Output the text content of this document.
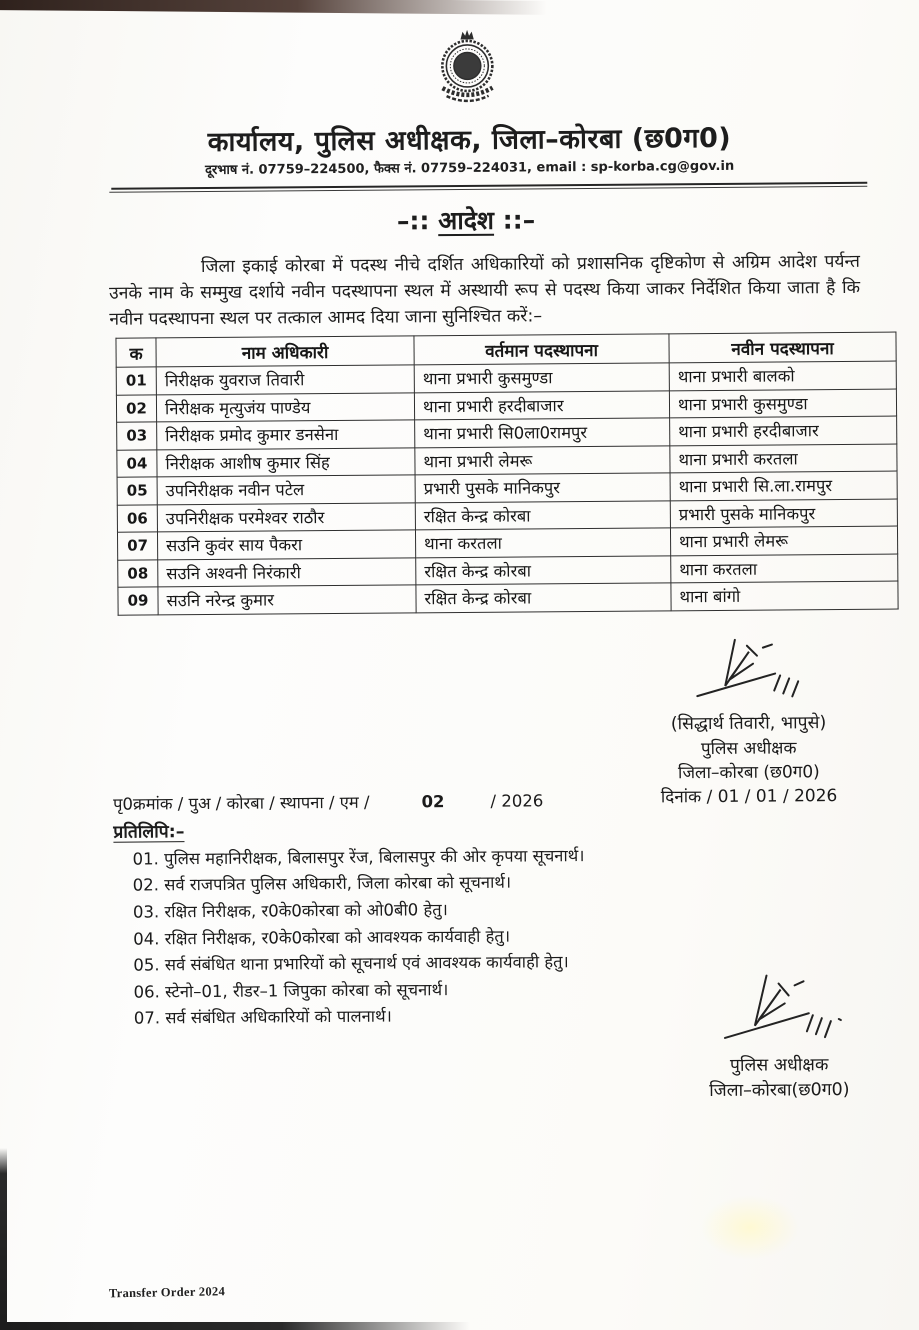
कार्यालय, पुलिस अधीक्षक, जिला–कोरबा (छ0ग0)
दूरभाष नं. 07759–224500, फैक्स नं. 07759–224031, email : sp-korba.cg@gov.in
–:: आदेश ::–

जिला इकाई कोरबा में पदस्थ नीचे दर्शित अधिकारियों को प्रशासनिक दृष्टिकोण से अग्रिम आदेश पर्यन्त उनके नाम के सम्मुख दर्शाये नवीन पदस्थापना स्थल में अस्थायी रूप से पदस्थ किया जाकर निर्देशित किया जाता है कि नवीन पदस्थापना स्थल पर तत्काल आमद दिया जाना सुनिश्चित करें:–

क	नाम अधिकारी	वर्तमान पदस्थापना	नवीन पदस्थापना
01	निरीक्षक युवराज तिवारी	थाना प्रभारी कुसमुण्डा	थाना प्रभारी बालको
02	निरीक्षक मृत्युजंय पाण्डेय	थाना प्रभारी हरदीबाजार	थाना प्रभारी कुसमुण्डा
03	निरीक्षक प्रमोद कुमार डनसेना	थाना प्रभारी सि0ला0रामपुर	थाना प्रभारी हरदीबाजार
04	निरीक्षक आशीष कुमार सिंह	थाना प्रभारी लेमरू	थाना प्रभारी करतला
05	उपनिरीक्षक नवीन पटेल	प्रभारी पुसके मानिकपुर	थाना प्रभारी सि.ला.रामपुर
06	उपनिरीक्षक परमेश्वर राठौर	रक्षित केन्द्र कोरबा	प्रभारी पुसके मानिकपुर
07	सउनि कुवंर साय पैकरा	थाना करतला	थाना प्रभारी लेमरू
08	सउनि अश्वनी निरंकारी	रक्षित केन्द्र कोरबा	थाना करतला
09	सउनि नरेन्द्र कुमार	रक्षित केन्द्र कोरबा	थाना बांगो
(सिद्धार्थ तिवारी, भापुसे)
पुलिस अधीक्षक
जिला–कोरबा (छ0ग0)
दिनांक / 01 / 01 / 2026
पृ0क्रमांक / पुअ / कोरबा / स्थापना / एम /	02	/ 2026
प्रतिलिपि:–
01. पुलिस महानिरीक्षक, बिलासपुर रेंज, बिलासपुर की ओर कृपया सूचनार्थ।
02. सर्व राजपत्रित पुलिस अधिकारी, जिला कोरबा को सूचनार्थ।
03. रक्षित निरीक्षक, र0के0कोरबा को ओ0बी0 हेतु।
04. रक्षित निरीक्षक, र0के0कोरबा को आवश्यक कार्यवाही हेतु।
05. सर्व संबंधित थाना प्रभारियों को सूचनार्थ एवं आवश्यक कार्यवाही हेतु।
06. स्टेनो–01, रीडर–1 जिपुका कोरबा को सूचनार्थ।
07. सर्व संबंधित अधिकारियों को पालनार्थ।
पुलिस अधीक्षक
जिला–कोरबा(छ0ग0)
Transfer Order 2024
